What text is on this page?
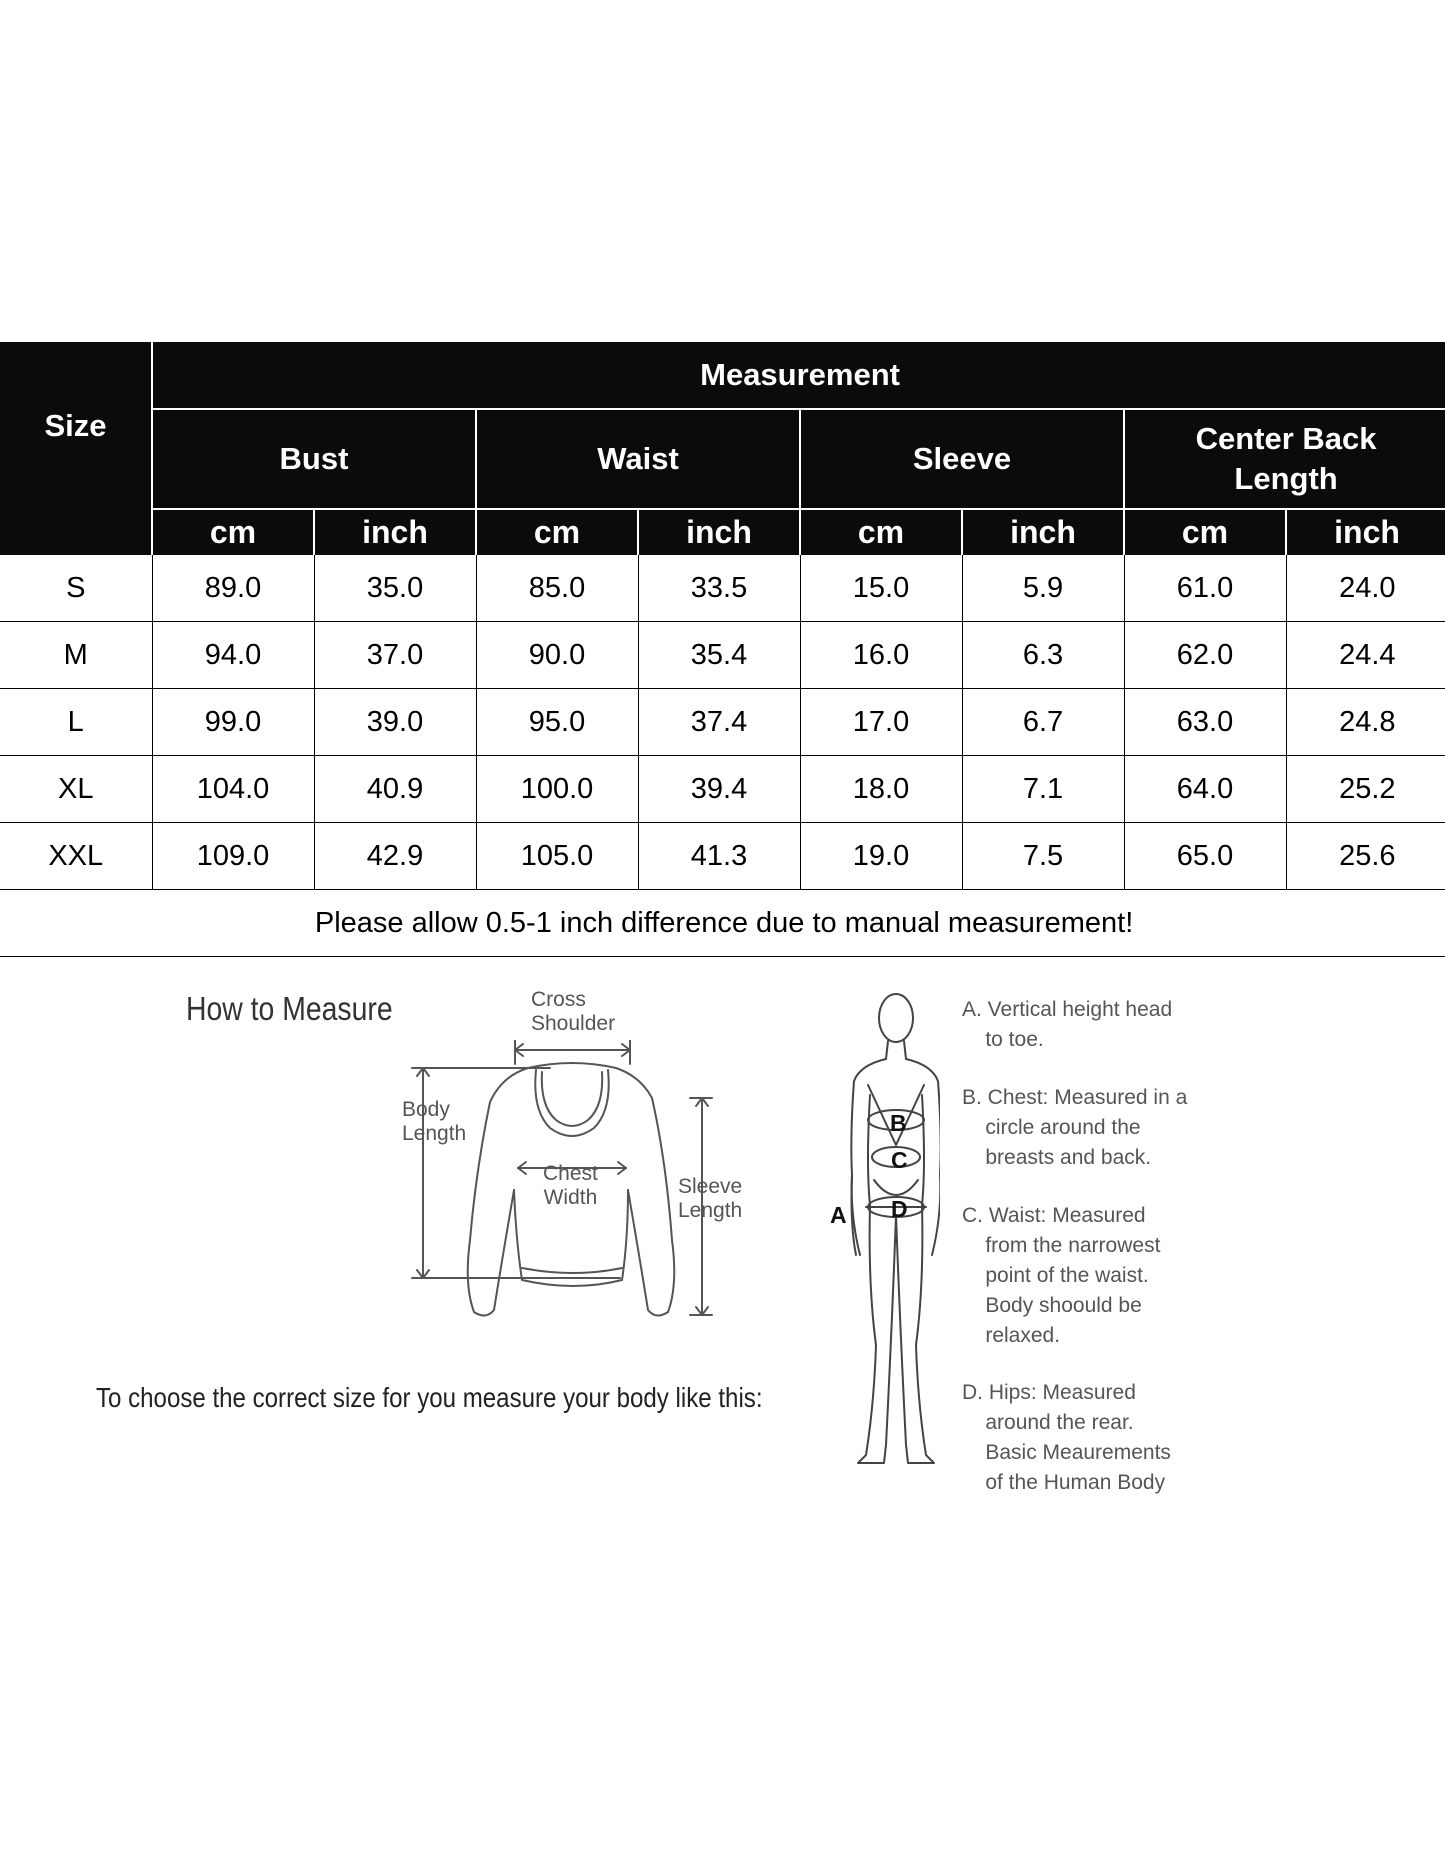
Size	Measurement							
	Bust		Waist		Sleeve		Center Back
Length	
	cm	inch	cm	inch	cm	inch	cm	inch
S	89.0	35.0	85.0	33.5	15.0	5.9	61.0	24.0
M	94.0	37.0	90.0	35.4	16.0	6.3	62.0	24.4
L	99.0	39.0	95.0	37.4	17.0	6.7	63.0	24.8
XL	104.0	40.9	100.0	39.4	18.0	7.1	64.0	25.2
XXL	109.0	42.9	105.0	41.3	19.0	7.5	65.0	25.6
Please allow 0.5-1 inch difference due to manual measurement!								
How to Measure	Cross
Shoulder
Body
Length
Chest
Width	Sleeve
Length
To choose the correct size for you measure your body like this:
A
B
C
D
A. Vertical height head
to toe.
B. Chest: Measured in a
circle around the
breasts and back.
C. Waist: Measured
from the narrowest
point of the waist.
Body shoould be
relaxed.
D. Hips: Measured
around the rear.
Basic Meaurements
of the Human Body
